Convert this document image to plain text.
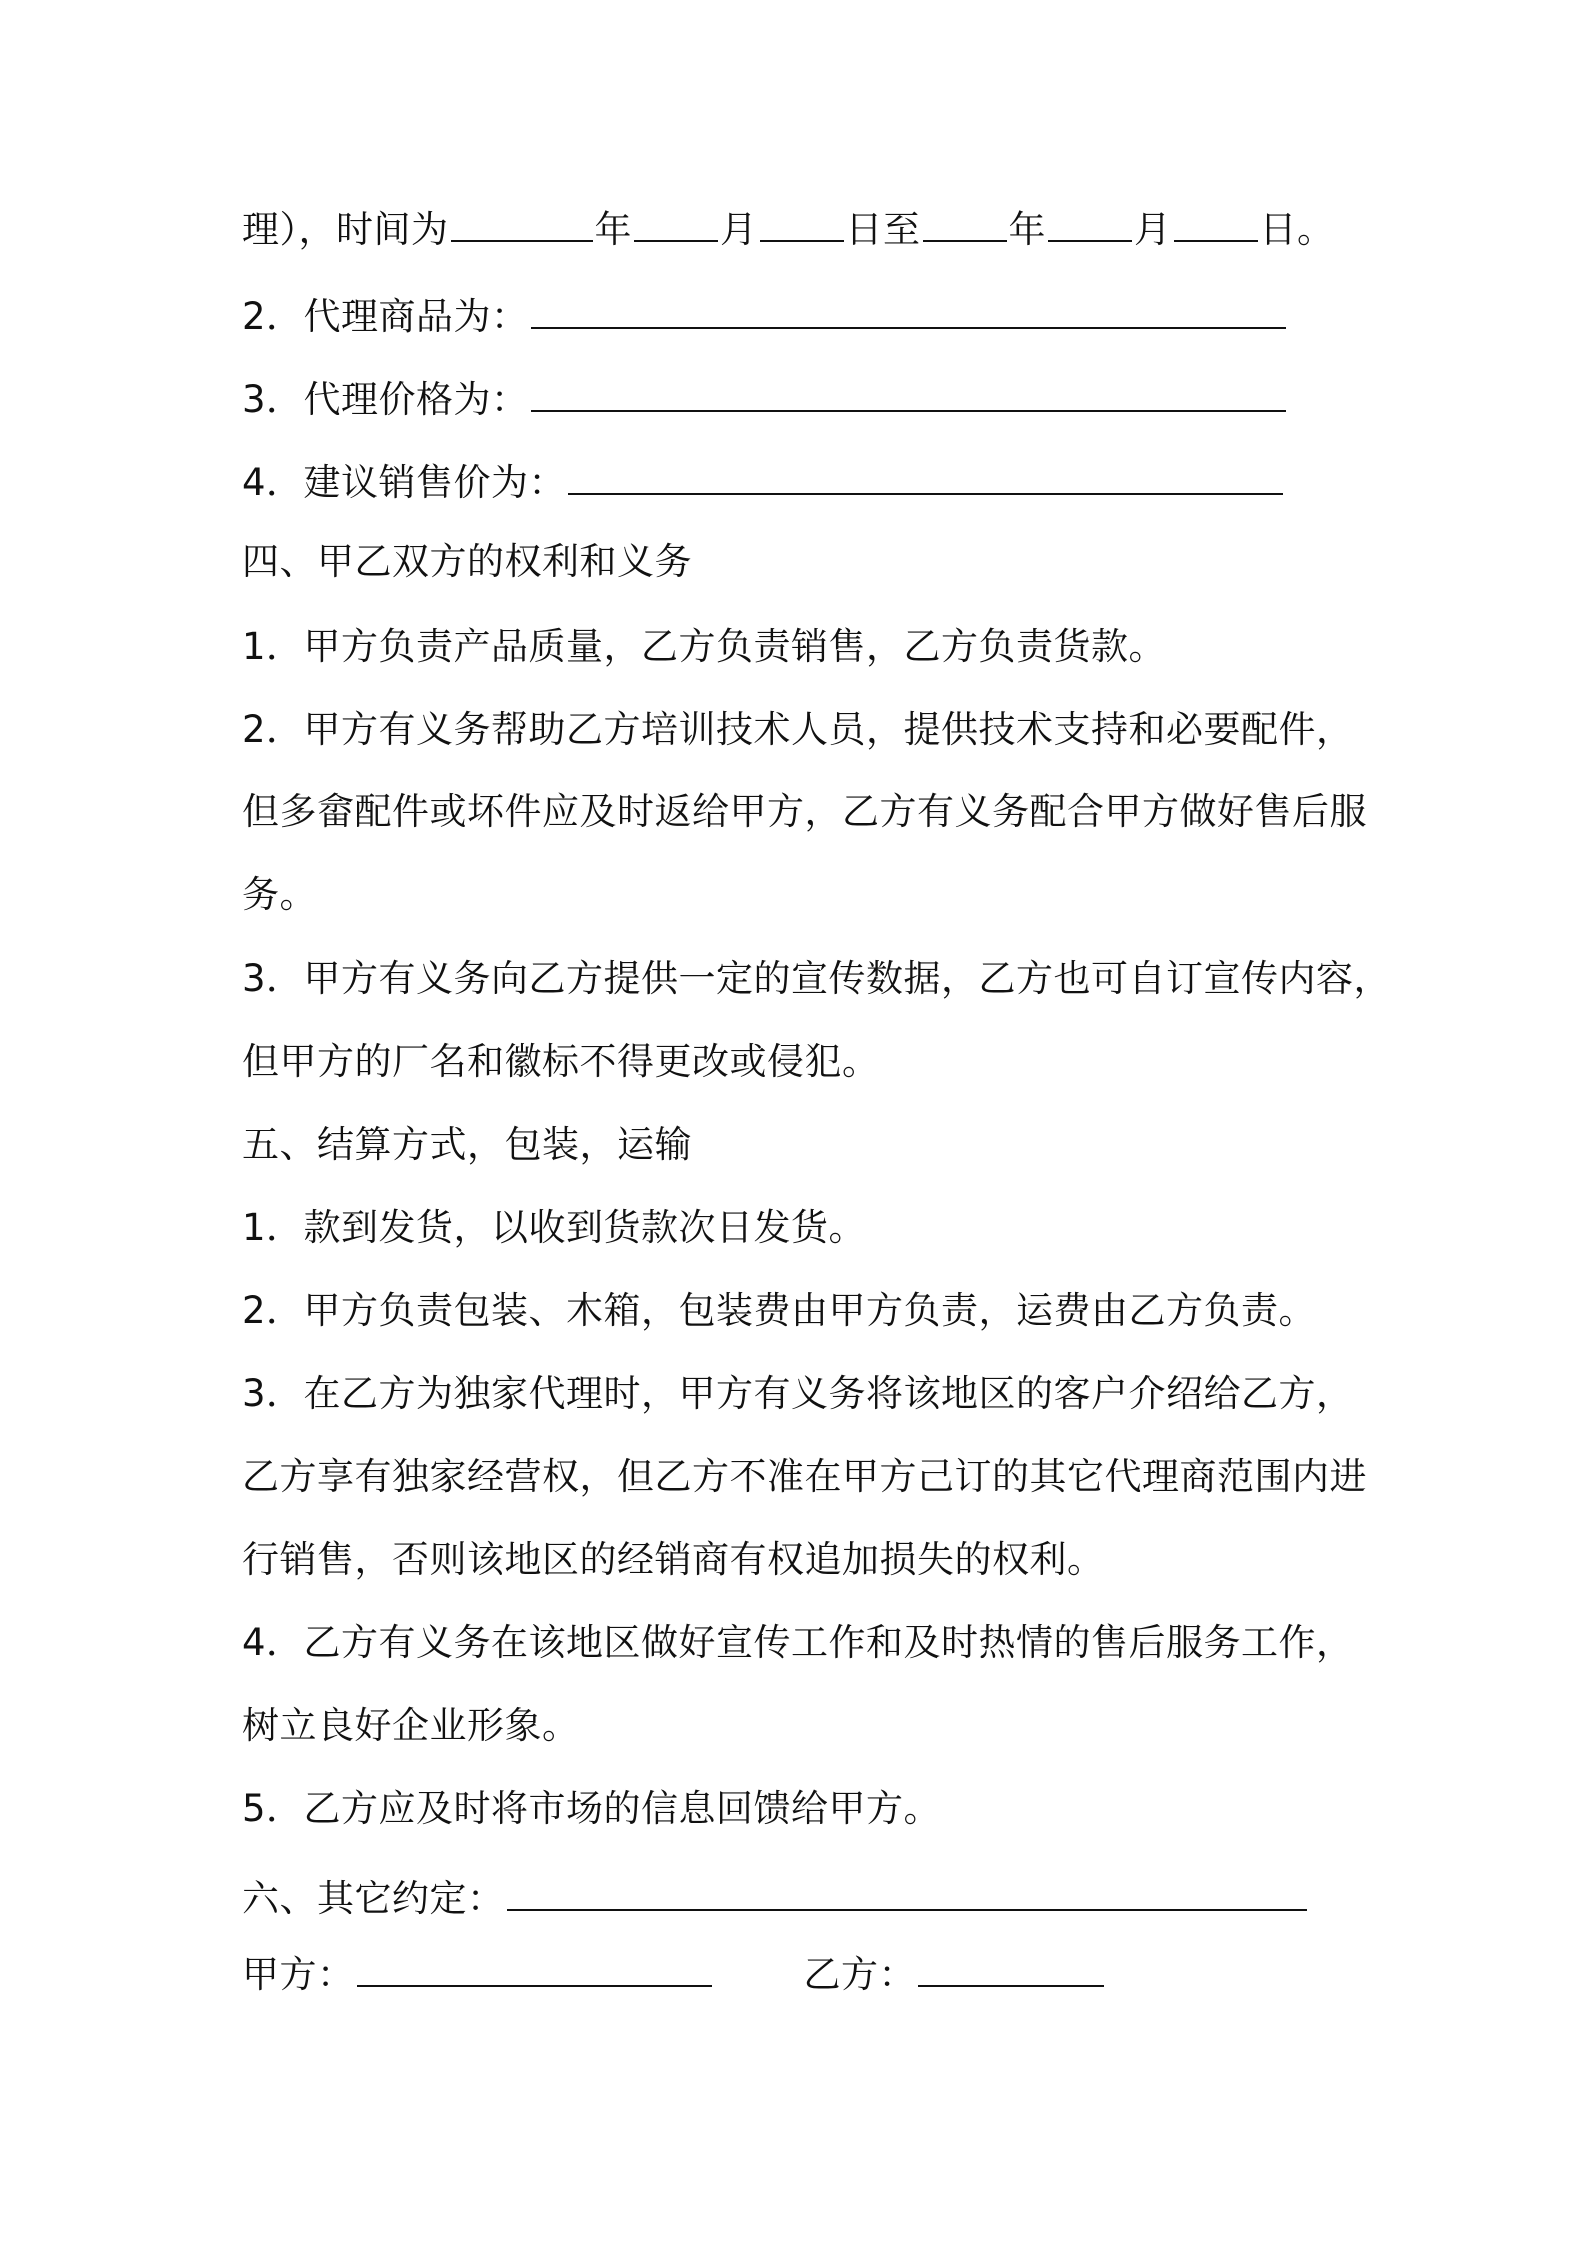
理），时间为	年 月 日至 年 月 日。
2．代理商品为：
3．代理价格为：
4．建议销售价为：
四、甲乙双方的权利和义务
1．甲方负责产品质量，乙方负责销售，乙方负责货款。
2．甲方有义务帮助乙方培训技术人员，提供技术支持和必要配件，
但多畲配件或坏件应及时返给甲方，乙方有义务配合甲方做好售后服
务。
3．甲方有义务向乙方提供一定的宣传数据，乙方也可自订宣传内容，
但甲方的厂名和徽标不得更改或侵犯。
五、结算方式，包装，运输
1．款到发货，以收到货款次日发货。
2．甲方负责包装、木箱，包装费由甲方负责，运费由乙方负责。
3．在乙方为独家代理时，甲方有义务将该地区的客户介绍给乙方，
乙方享有独家经营权，但乙方不准在甲方己订的其它代理商范围内进
行销售，否则该地区的经销商有权追加损失的权利。
4．乙方有义务在该地区做好宣传工作和及时热情的售后服务工作，
树立良好企业形象。
5．乙方应及时将市场的信息回馈给甲方。
六、其它约定：
甲方：	乙方：
